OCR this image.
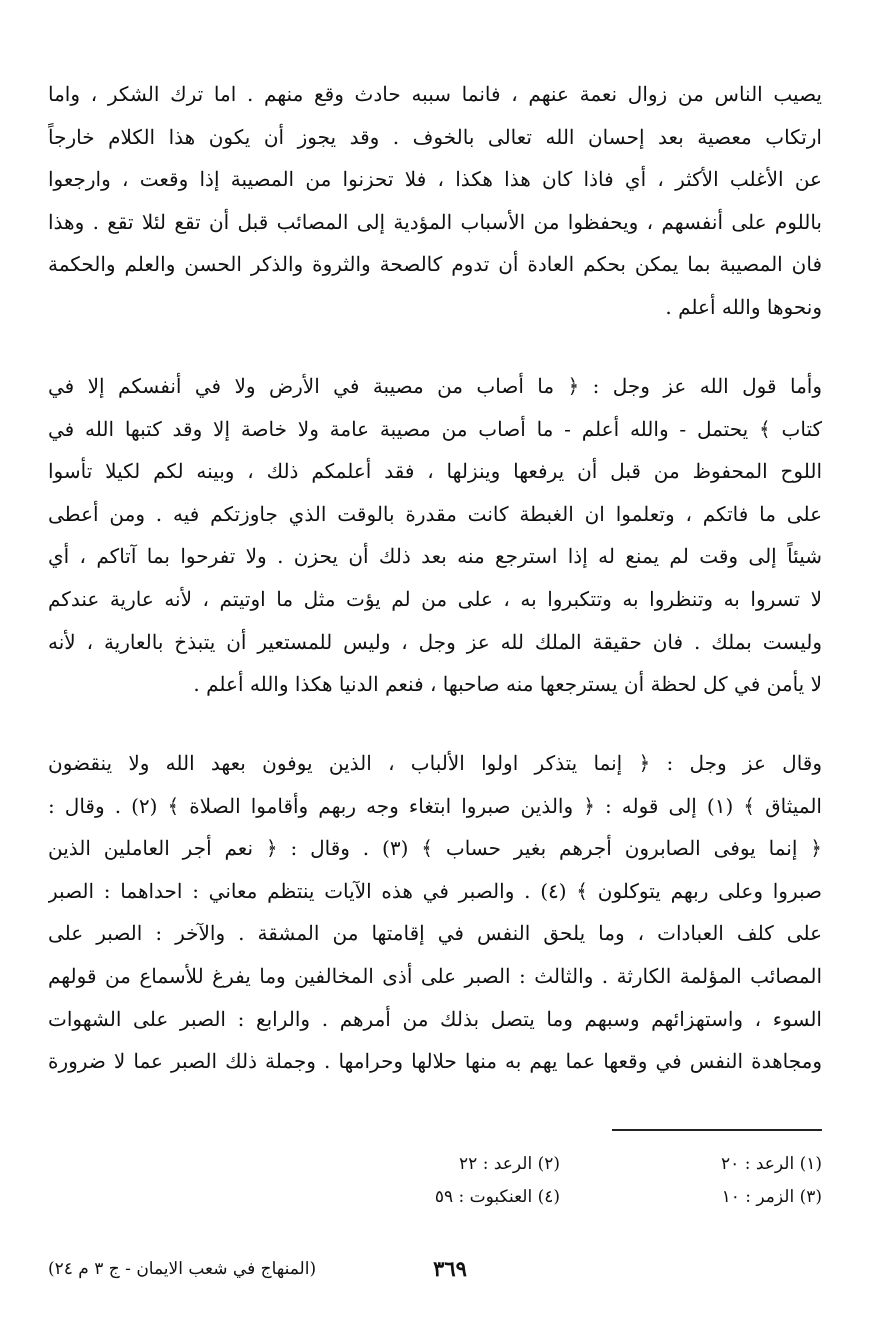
يصيب الناس من زوال نعمة عنهم ، فانما سببه حادث وقع منهم . اما ترك الشكر ، واما
ارتكاب معصية بعد إحسان الله تعالى بالخوف . وقد يجوز أن يكون هذا الكلام خارجاً
عن الأغلب الأكثر ، أي فاذا كان هذا هكذا ، فلا تحزنوا من المصيبة إذا وقعت ، وارجعوا
باللوم على أنفسهم ، ويحفظوا من الأسباب المؤدية إلى المصائب قبل أن تقع لئلا تقع . وهذا
فان المصيبة بما يمكن بحكم العادة أن تدوم كالصحة والثروة والذكر الحسن والعلم والحكمة
ونحوها والله أعلم .
وأما قول الله عز وجل : ﴿ ما أصاب من مصيبة في الأرض ولا في أنفسكم إلا في
كتاب ﴾ يحتمل - والله أعلم - ما أصاب من مصيبة عامة ولا خاصة إلا وقد كتبها الله في
اللوح المحفوظ من قبل أن يرفعها وينزلها ، فقد أعلمكم ذلك ، وبينه لكم لكيلا تأسوا
على ما فاتكم ، وتعلموا ان الغبطة كانت مقدرة بالوقت الذي جاوزتكم فيه . ومن أعطى
شيئاً إلى وقت لم يمنع له إذا استرجع منه بعد ذلك أن يحزن . ولا تفرحوا بما آتاكم ، أي
لا تسروا به وتنظروا به وتتكبروا به ، على من لم يؤت مثل ما اوتيتم ، لأنه عارية عندكم
وليست بملك . فان حقيقة الملك لله عز وجل ، وليس للمستعير أن يتبذخ بالعارية ، لأنه
لا يأمن في كل لحظة أن يسترجعها منه صاحبها ، فنعم الدنيا هكذا والله أعلم .
وقال عز وجل : ﴿ إنما يتذكر اولوا الألباب ، الذين يوفون بعهد الله ولا ينقضون
الميثاق ﴾ (١) إلى قوله : ﴿ والذين صبروا ابتغاء وجه ربهم وأقاموا الصلاة ﴾ (٢) . وقال :
﴿ إنما يوفى الصابرون أجرهم بغير حساب ﴾ (٣) . وقال : ﴿ نعم أجر العاملين الذين
صبروا وعلى ربهم يتوكلون ﴾ (٤) . والصبر في هذه الآيات ينتظم معاني : احداهما : الصبر
على كلف العبادات ، وما يلحق النفس في إقامتها من المشقة . والآخر : الصبر على
المصائب المؤلمة الكارثة . والثالث : الصبر على أذى المخالفين وما يفرغ للأسماع من قولهم
السوء ، واستهزائهم وسبهم وما يتصل بذلك من أمرهم . والرابع : الصبر على الشهوات
ومجاهدة النفس في وقعها عما يهم به منها حلالها وحرامها . وجملة ذلك الصبر عما لا ضرورة
(١) الرعد : ٢٠
(٢) الرعد : ٢٢
(٣) الزمر : ١٠
(٤) العنكبوت : ٥٩
٣٦٩
(المنهاج في شعب الايمان - ج ٣ م ٢٤)
